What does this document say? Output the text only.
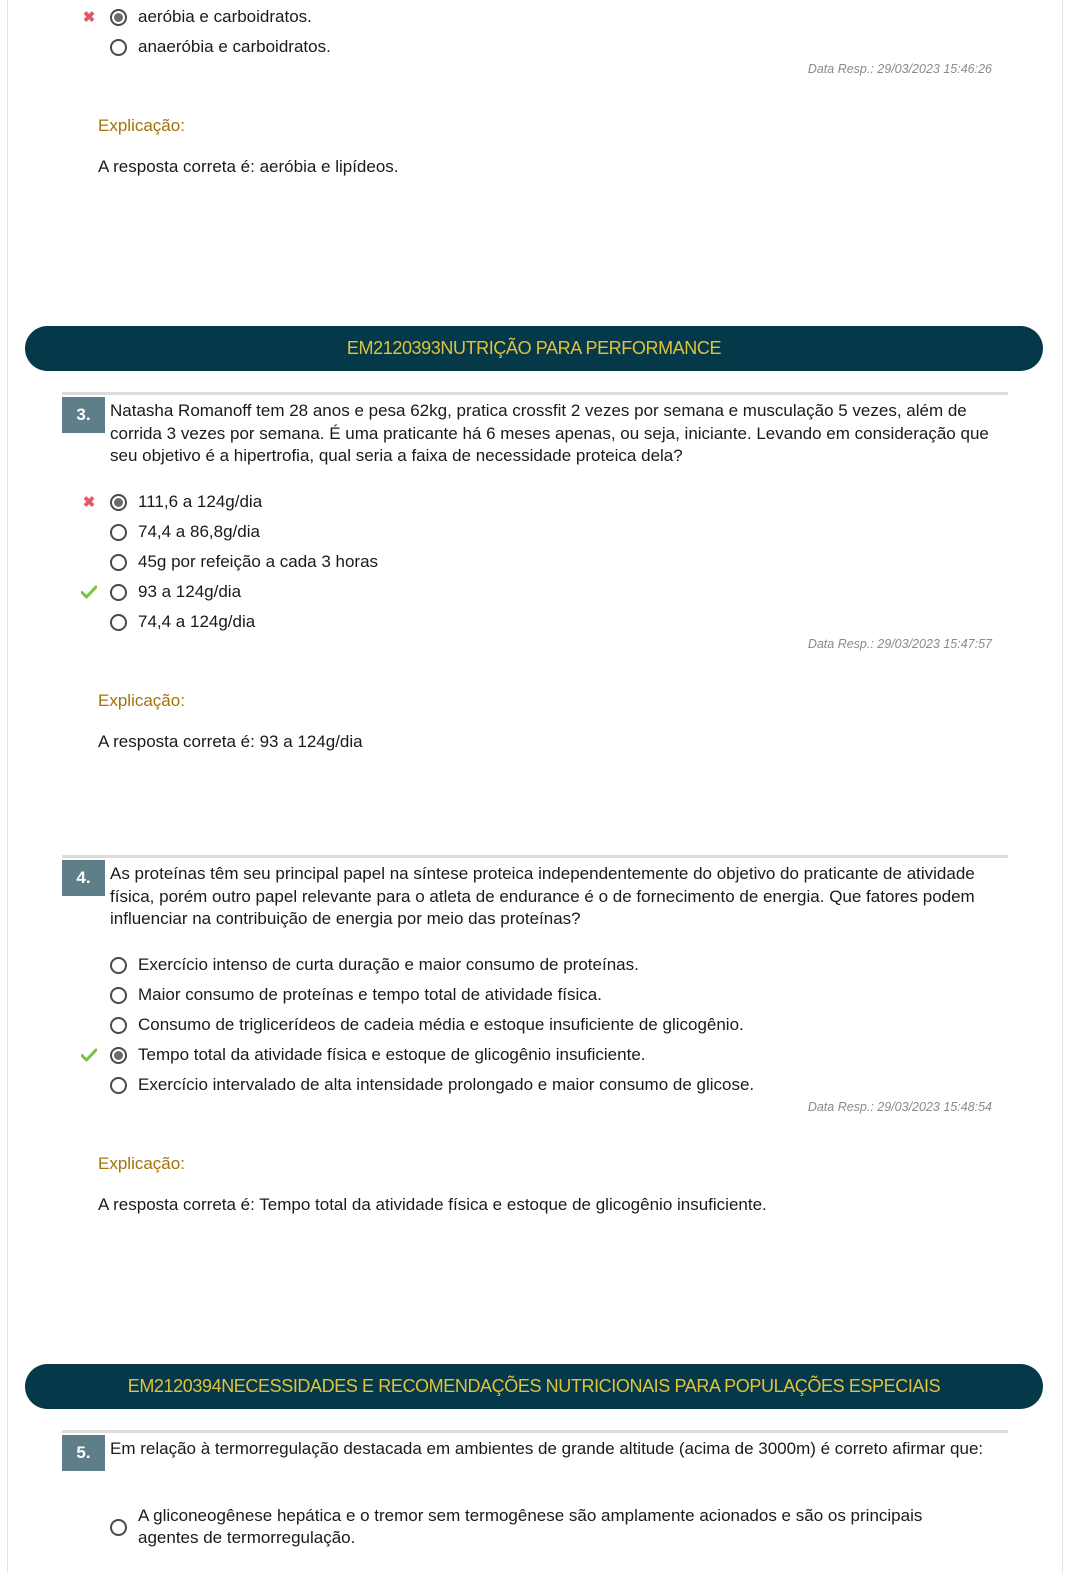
✖	aeróbia e carboidratos.
anaeróbia e carboidratos.
Data Resp.: 29/03/2023 15:46:26
Explicação:
A resposta correta é: aeróbia e lipídeos.
EM2120393NUTRIÇÃO PARA PERFORMANCE
3.	Natasha Romanoff tem 28 anos e pesa 62kg, pratica crossfit 2 vezes por semana e musculação 5 vezes, além de corrida 3 vezes por semana. É uma praticante há 6 meses apenas, ou seja, iniciante. Levando em consideração que seu objetivo é a hipertrofia, qual seria a faixa de necessidade proteica dela?
✖	111,6 a 124g/dia
74,4 a 86,8g/dia
45g por refeição a cada 3 horas
93 a 124g/dia
74,4 a 124g/dia
Data Resp.: 29/03/2023 15:47:57
Explicação:
A resposta correta é: 93 a 124g/dia
4.	As proteínas têm seu principal papel na síntese proteica independentemente do objetivo do praticante de atividade física, porém outro papel relevante para o atleta de endurance é o de fornecimento de energia. Que fatores podem influenciar na contribuição de energia por meio das proteínas?
Exercício intenso de curta duração e maior consumo de proteínas.
Maior consumo de proteínas e tempo total de atividade física.
Consumo de triglicerídeos de cadeia média e estoque insuficiente de glicogênio.
Tempo total da atividade física e estoque de glicogênio insuficiente.
Exercício intervalado de alta intensidade prolongado e maior consumo de glicose.
Data Resp.: 29/03/2023 15:48:54
Explicação:
A resposta correta é: Tempo total da atividade física e estoque de glicogênio insuficiente.
EM2120394NECESSIDADES E RECOMENDAÇÕES NUTRICIONAIS PARA POPULAÇÕES ESPECIAIS
5.	Em relação à termorregulação destacada em ambientes de grande altitude (acima de 3000m) é correto afirmar que:
A gliconeogênese hepática e o tremor sem termogênese são amplamente acionados e são os principais agentes de termorregulação.
